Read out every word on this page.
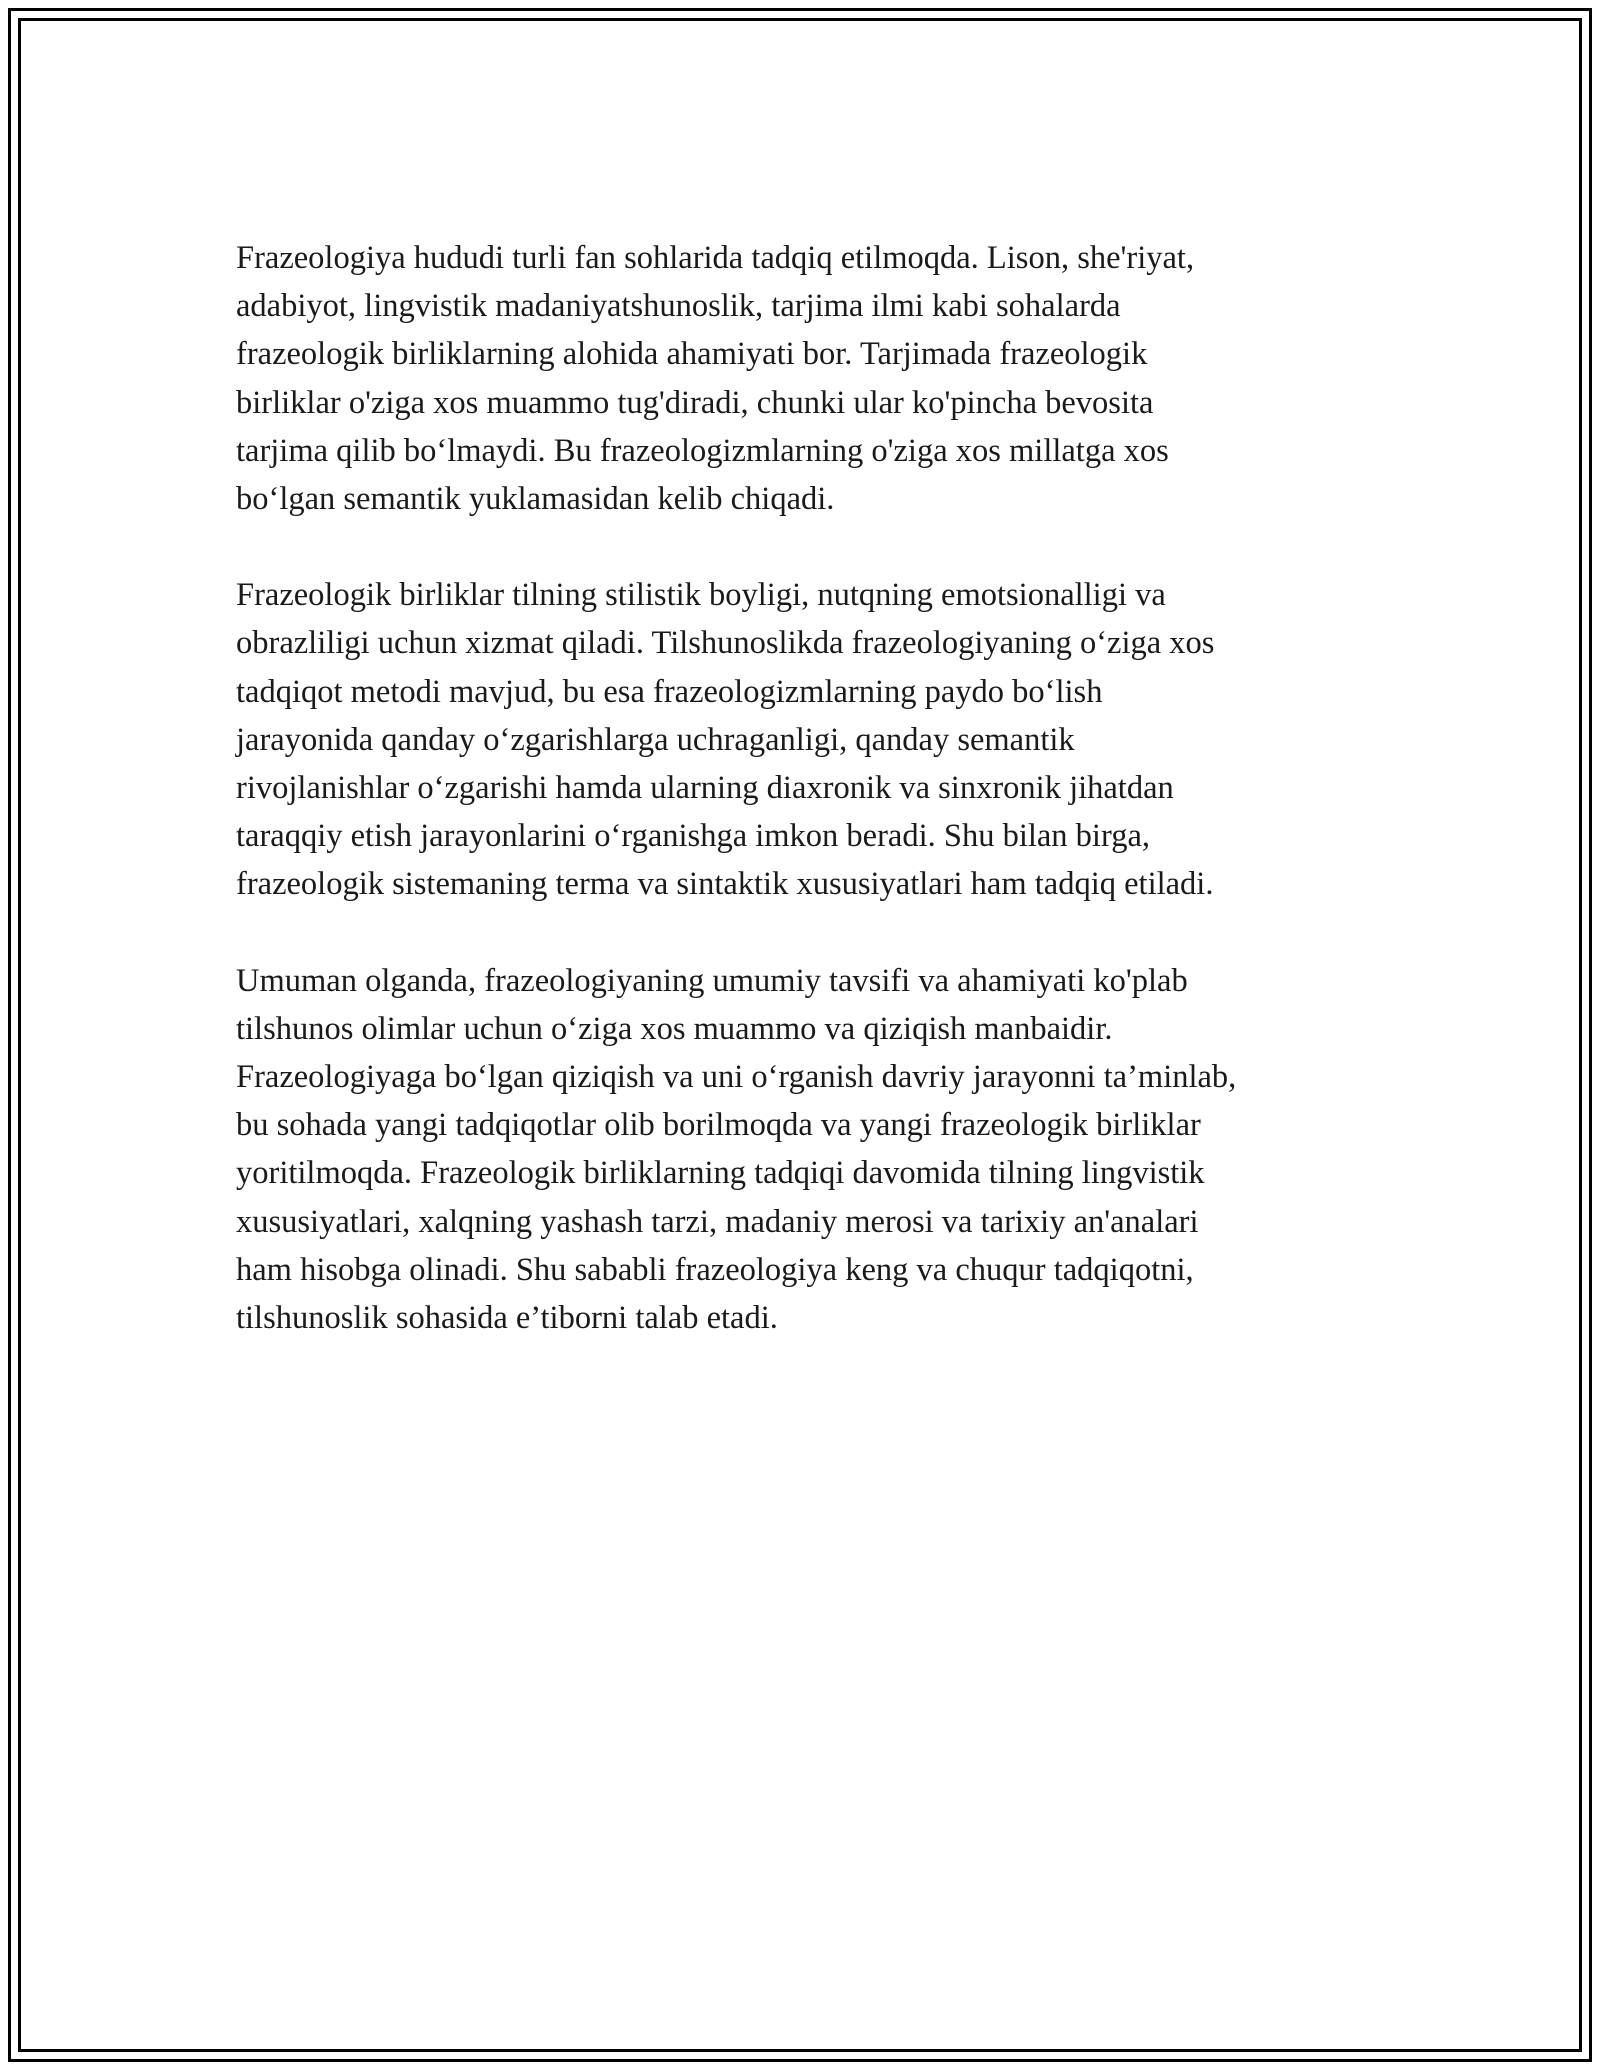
Frazeologiya hududi turli fan sohlarida tadqiq etilmoqda. Lison, she'riyat,
adabiyot, lingvistik madaniyatshunoslik, tarjima ilmi kabi sohalarda
frazeologik birliklarning alohida ahamiyati bor. Tarjimada frazeologik
birliklar o'ziga xos muammo tug'diradi, chunki ular ko'pincha bevosita
tarjima qilib bo‘lmaydi. Bu frazeologizmlarning o'ziga xos millatga xos
bo‘lgan semantik yuklamasidan kelib chiqadi.

Frazeologik birliklar tilning stilistik boyligi, nutqning emotsionalligi va
obrazliligi uchun xizmat qiladi. Tilshunoslikda frazeologiyaning o‘ziga xos
tadqiqot metodi mavjud, bu esa frazeologizmlarning paydo bo‘lish
jarayonida qanday o‘zgarishlarga uchraganligi, qanday semantik
rivojlanishlar o‘zgarishi hamda ularning diaxronik va sinxronik jihatdan
taraqqiy etish jarayonlarini o‘rganishga imkon beradi. Shu bilan birga,
frazeologik sistemaning terma va sintaktik xususiyatlari ham tadqiq etiladi.

Umuman olganda, frazeologiyaning umumiy tavsifi va ahamiyati ko'plab
tilshunos olimlar uchun o‘ziga xos muammo va qiziqish manbaidir.
Frazeologiyaga bo‘lgan qiziqish va uni o‘rganish davriy jarayonni ta’minlab,
bu sohada yangi tadqiqotlar olib borilmoqda va yangi frazeologik birliklar
yoritilmoqda. Frazeologik birliklarning tadqiqi davomida tilning lingvistik
xususiyatlari, xalqning yashash tarzi, madaniy merosi va tarixiy an'analari
ham hisobga olinadi. Shu sababli frazeologiya keng va chuqur tadqiqotni,
tilshunoslik sohasida e’tiborni talab etadi.
